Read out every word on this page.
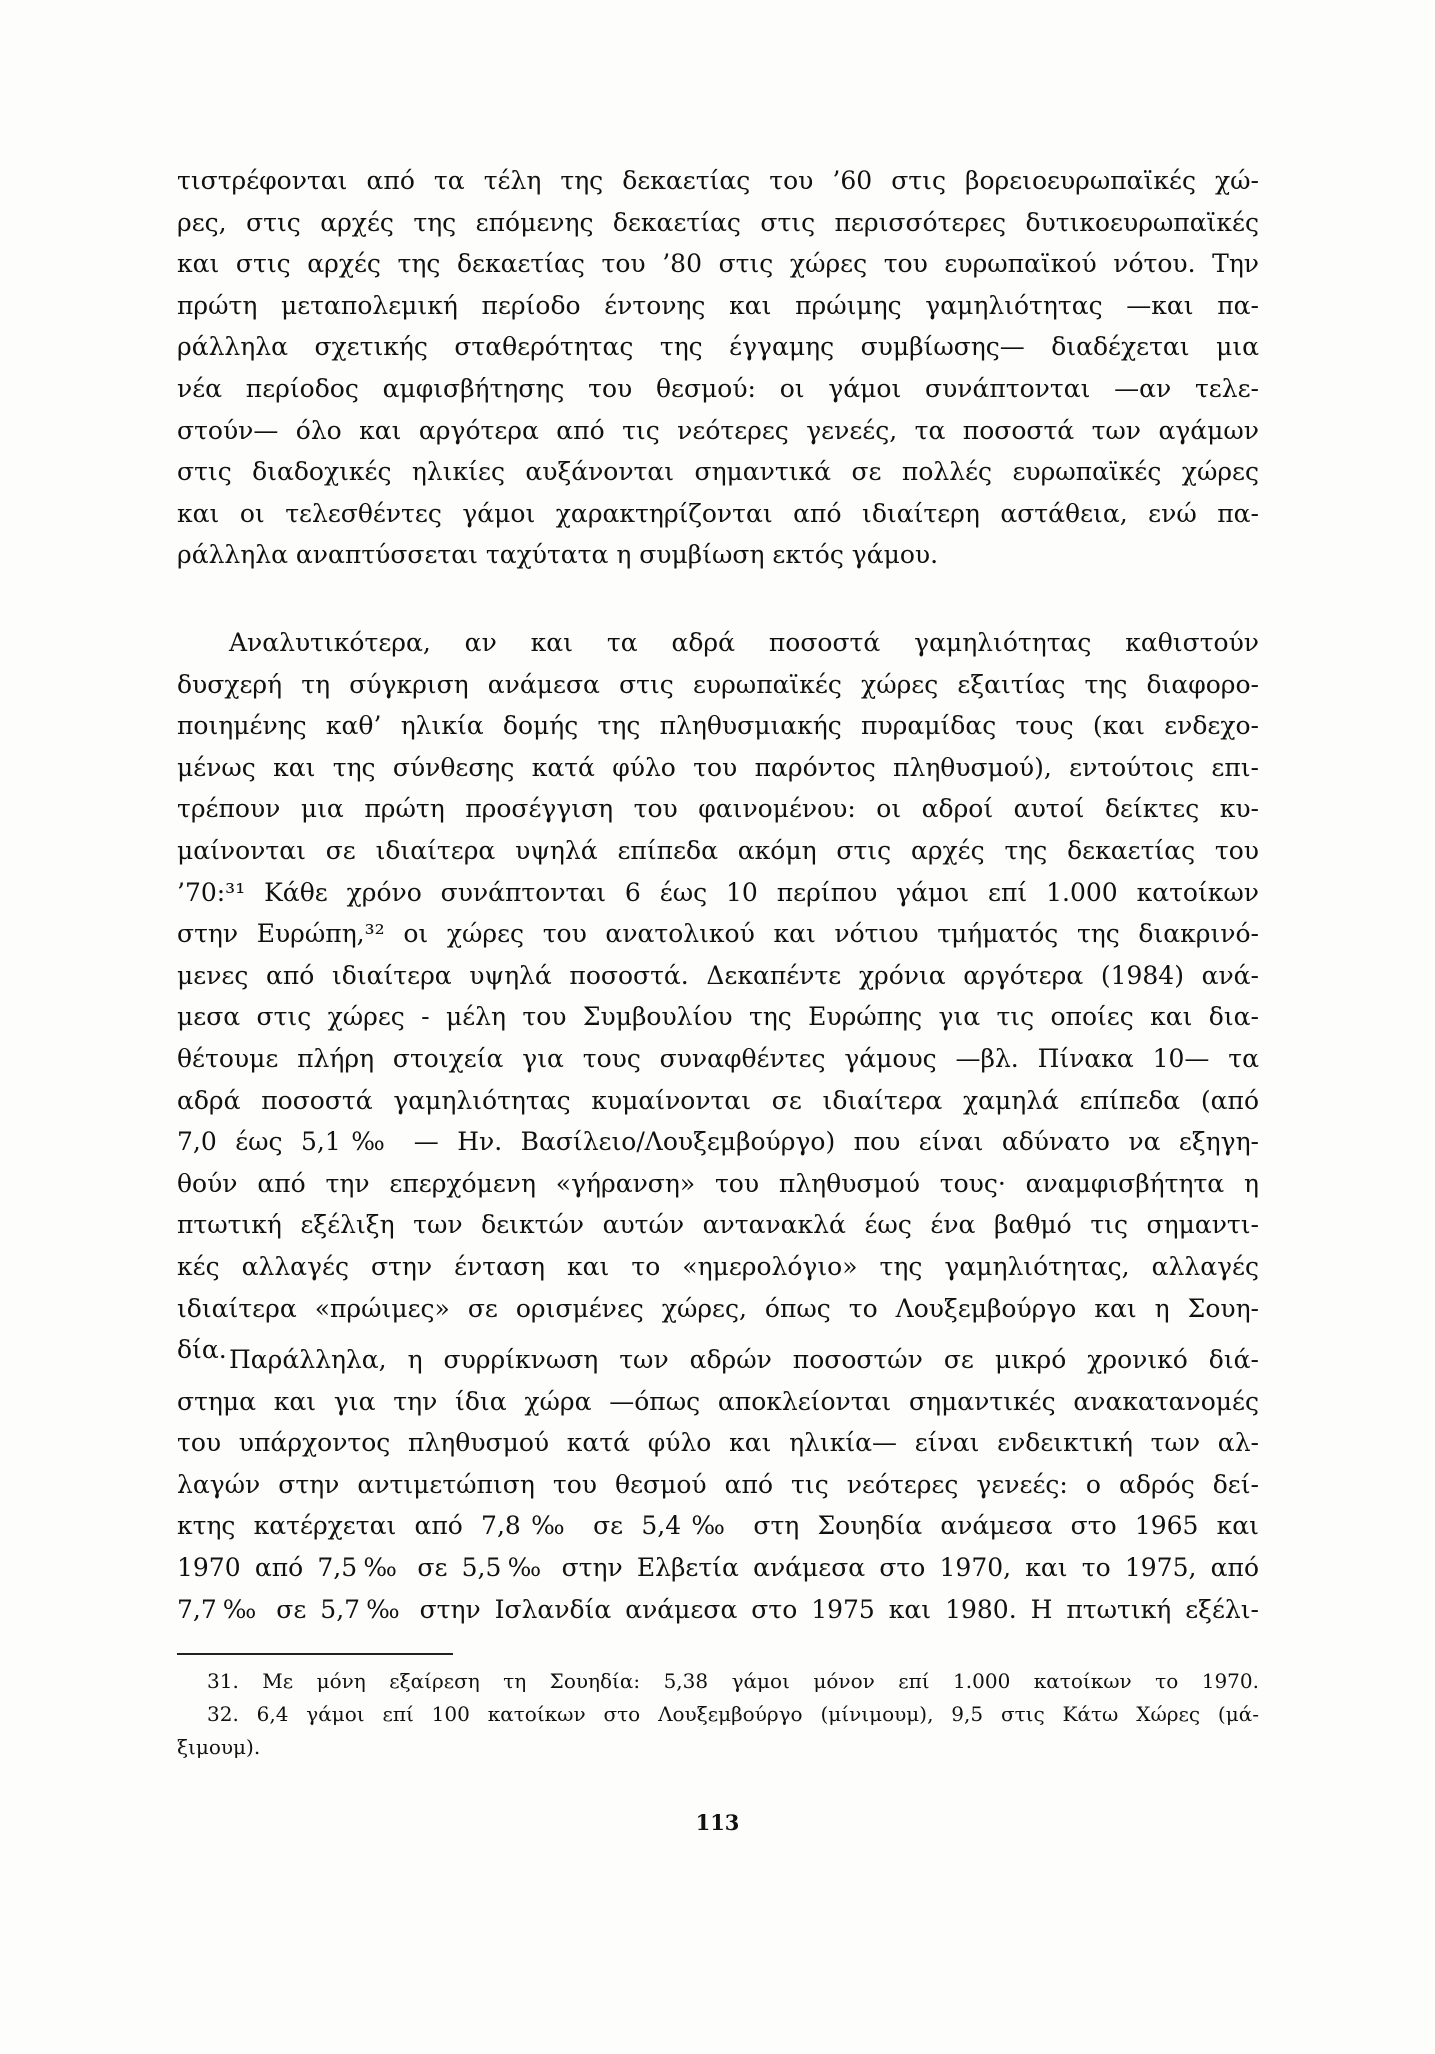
τιστρέφονται από τα τέλη της δεκαετίας του ’60 στις βορειοευρωπαϊκές χώ-
ρες, στις αρχές της επόμενης δεκαετίας στις περισσότερες δυτικοευρωπαϊκές
και στις αρχές της δεκαετίας του ’80 στις χώρες του ευρωπαϊκού νότου. Την
πρώτη μεταπολεμική περίοδο έντονης και πρώιμης γαμηλιότητας —και πα-
ράλληλα σχετικής σταθερότητας της έγγαμης συμβίωσης— διαδέχεται μια
νέα περίοδος αμφισβήτησης του θεσμού: οι γάμοι συνάπτονται —αν τελε-
στούν— όλο και αργότερα από τις νεότερες γενεές, τα ποσοστά των αγάμων
στις διαδοχικές ηλικίες αυξάνονται σημαντικά σε πολλές ευρωπαϊκές χώρες
και οι τελεσθέντες γάμοι χαρακτηρίζονται από ιδιαίτερη αστάθεια, ενώ πα-
ράλληλα αναπτύσσεται ταχύτατα η συμβίωση εκτός γάμου.
Αναλυτικότερα, αν και τα αδρά ποσοστά γαμηλιότητας καθιστούν
δυσχερή τη σύγκριση ανάμεσα στις ευρωπαϊκές χώρες εξαιτίας της διαφορο-
ποιημένης καθ’ ηλικία δομής της πληθυσμιακής πυραμίδας τους (και ενδεχο-
μένως και της σύνθεσης κατά φύλο του παρόντος πληθυσμού), εντούτοις επι-
τρέπουν μια πρώτη προσέγγιση του φαινομένου: οι αδροί αυτοί δείκτες κυ-
μαίνονται σε ιδιαίτερα υψηλά επίπεδα ακόμη στις αρχές της δεκαετίας του
’70:³¹ Κάθε χρόνο συνάπτονται 6 έως 10 περίπου γάμοι επί 1.000 κατοίκων
στην Ευρώπη,³² οι χώρες του ανατολικού και νότιου τμήματός της διακρινό-
μενες από ιδιαίτερα υψηλά ποσοστά. Δεκαπέντε χρόνια αργότερα (1984) ανά-
μεσα στις χώρες - μέλη του Συμβουλίου της Ευρώπης για τις οποίες και δια-
θέτουμε πλήρη στοιχεία για τους συναφθέντες γάμους —βλ. Πίνακα 10— τα
αδρά ποσοστά γαμηλιότητας κυμαίνονται σε ιδιαίτερα χαμηλά επίπεδα (από
7,0 έως 5,1‰ — Ην. Βασίλειο/Λουξεμβούργο) που είναι αδύνατο να εξηγη-
θούν από την επερχόμενη «γήρανση» του πληθυσμού τους· αναμφισβήτητα η
πτωτική εξέλιξη των δεικτών αυτών αντανακλά έως ένα βαθμό τις σημαντι-
κές αλλαγές στην ένταση και το «ημερολόγιο» της γαμηλιότητας, αλλαγές
ιδιαίτερα «πρώιμες» σε ορισμένες χώρες, όπως το Λουξεμβούργο και η Σουη-
δία. Παράλληλα, η συρρίκνωση των αδρών ποσοστών σε μικρό χρονικό διά-
στημα και για την ίδια χώρα —όπως αποκλείονται σημαντικές ανακατανομές
του υπάρχοντος πληθυσμού κατά φύλο και ηλικία— είναι ενδεικτική των αλ-
λαγών στην αντιμετώπιση του θεσμού από τις νεότερες γενεές: ο αδρός δεί-
κτης κατέρχεται από 7,8‰ σε 5,4‰ στη Σουηδία ανάμεσα στο 1965 και
1970 από 7,5‰ σε 5,5‰ στην Ελβετία ανάμεσα στο 1970, και το 1975, από
7,7‰ σε 5,7‰ στην Ισλανδία ανάμεσα στο 1975 και 1980. Η πτωτική εξέλι-
31. Με μόνη εξαίρεση τη Σουηδία: 5,38 γάμοι μόνον επί 1.000 κατοίκων το 1970.
32. 6,4 γάμοι επί 100 κατοίκων στο Λουξεμβούργο (μίνιμουμ), 9,5 στις Κάτω Χώρες (μά-
ξιμουμ).
113
